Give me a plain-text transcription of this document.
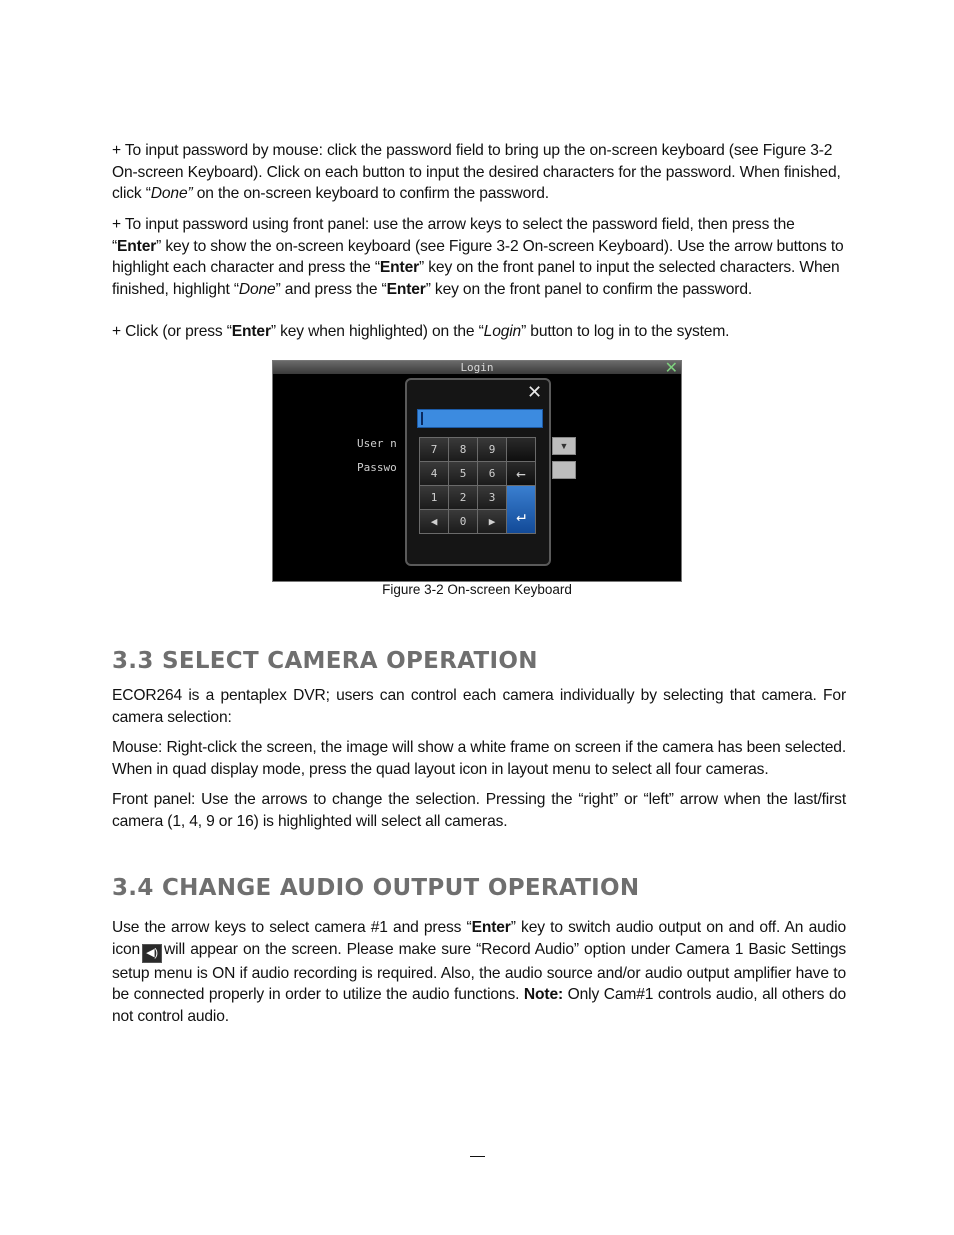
+ To input password by mouse: click the password field to bring up the on-screen keyboard (see Figure 3-2 On-screen Keyboard). Click on each button to input the desired characters for the password. When finished, click “Done” on the on-screen keyboard to confirm the password.

+ To input password using front panel: use the arrow keys to select the password field, then press the “Enter” key to show the on-screen keyboard (see Figure 3-2 On-screen Keyboard). Use the arrow buttons to highlight each character and press the “Enter” key on the front panel to input the selected characters. When finished, highlight “Done” and press the “Enter” key on the front panel to confirm the password.

+ Click (or press “Enter” key when highlighted) on the “Login” button to log in to the system.

Login	✕
User n
Passwo
▼
✕
7	8	9
4	5	6	←
1	2	3
◀	0	▶	↵

Figure 3-2 On-screen Keyboard

3.3 SELECT CAMERA OPERATION

ECOR264 is a pentaplex DVR; users can control each camera individually by selecting that camera. For camera selection:

Mouse: Right-click the screen, the image will show a white frame on screen if the camera has been selected. When in quad display mode, press the quad layout icon in layout menu to select all four cameras.

Front panel: Use the arrows to change the selection. Pressing the “right” or “left” arrow when the last/first camera (1, 4, 9 or 16) is highlighted will select all cameras.

3.4 CHANGE AUDIO OUTPUT OPERATION

Use the arrow keys to select camera #1 and press “Enter” key to switch audio output on and off. An audio icon ◀) will appear on the screen. Please make sure “Record Audio” option under Camera 1 Basic Settings setup menu is ON if audio recording is required. Also, the audio source and/or audio output amplifier have to be connected properly in order to utilize the audio functions. Note: Only Cam#1 controls audio, all others do not control audio.
